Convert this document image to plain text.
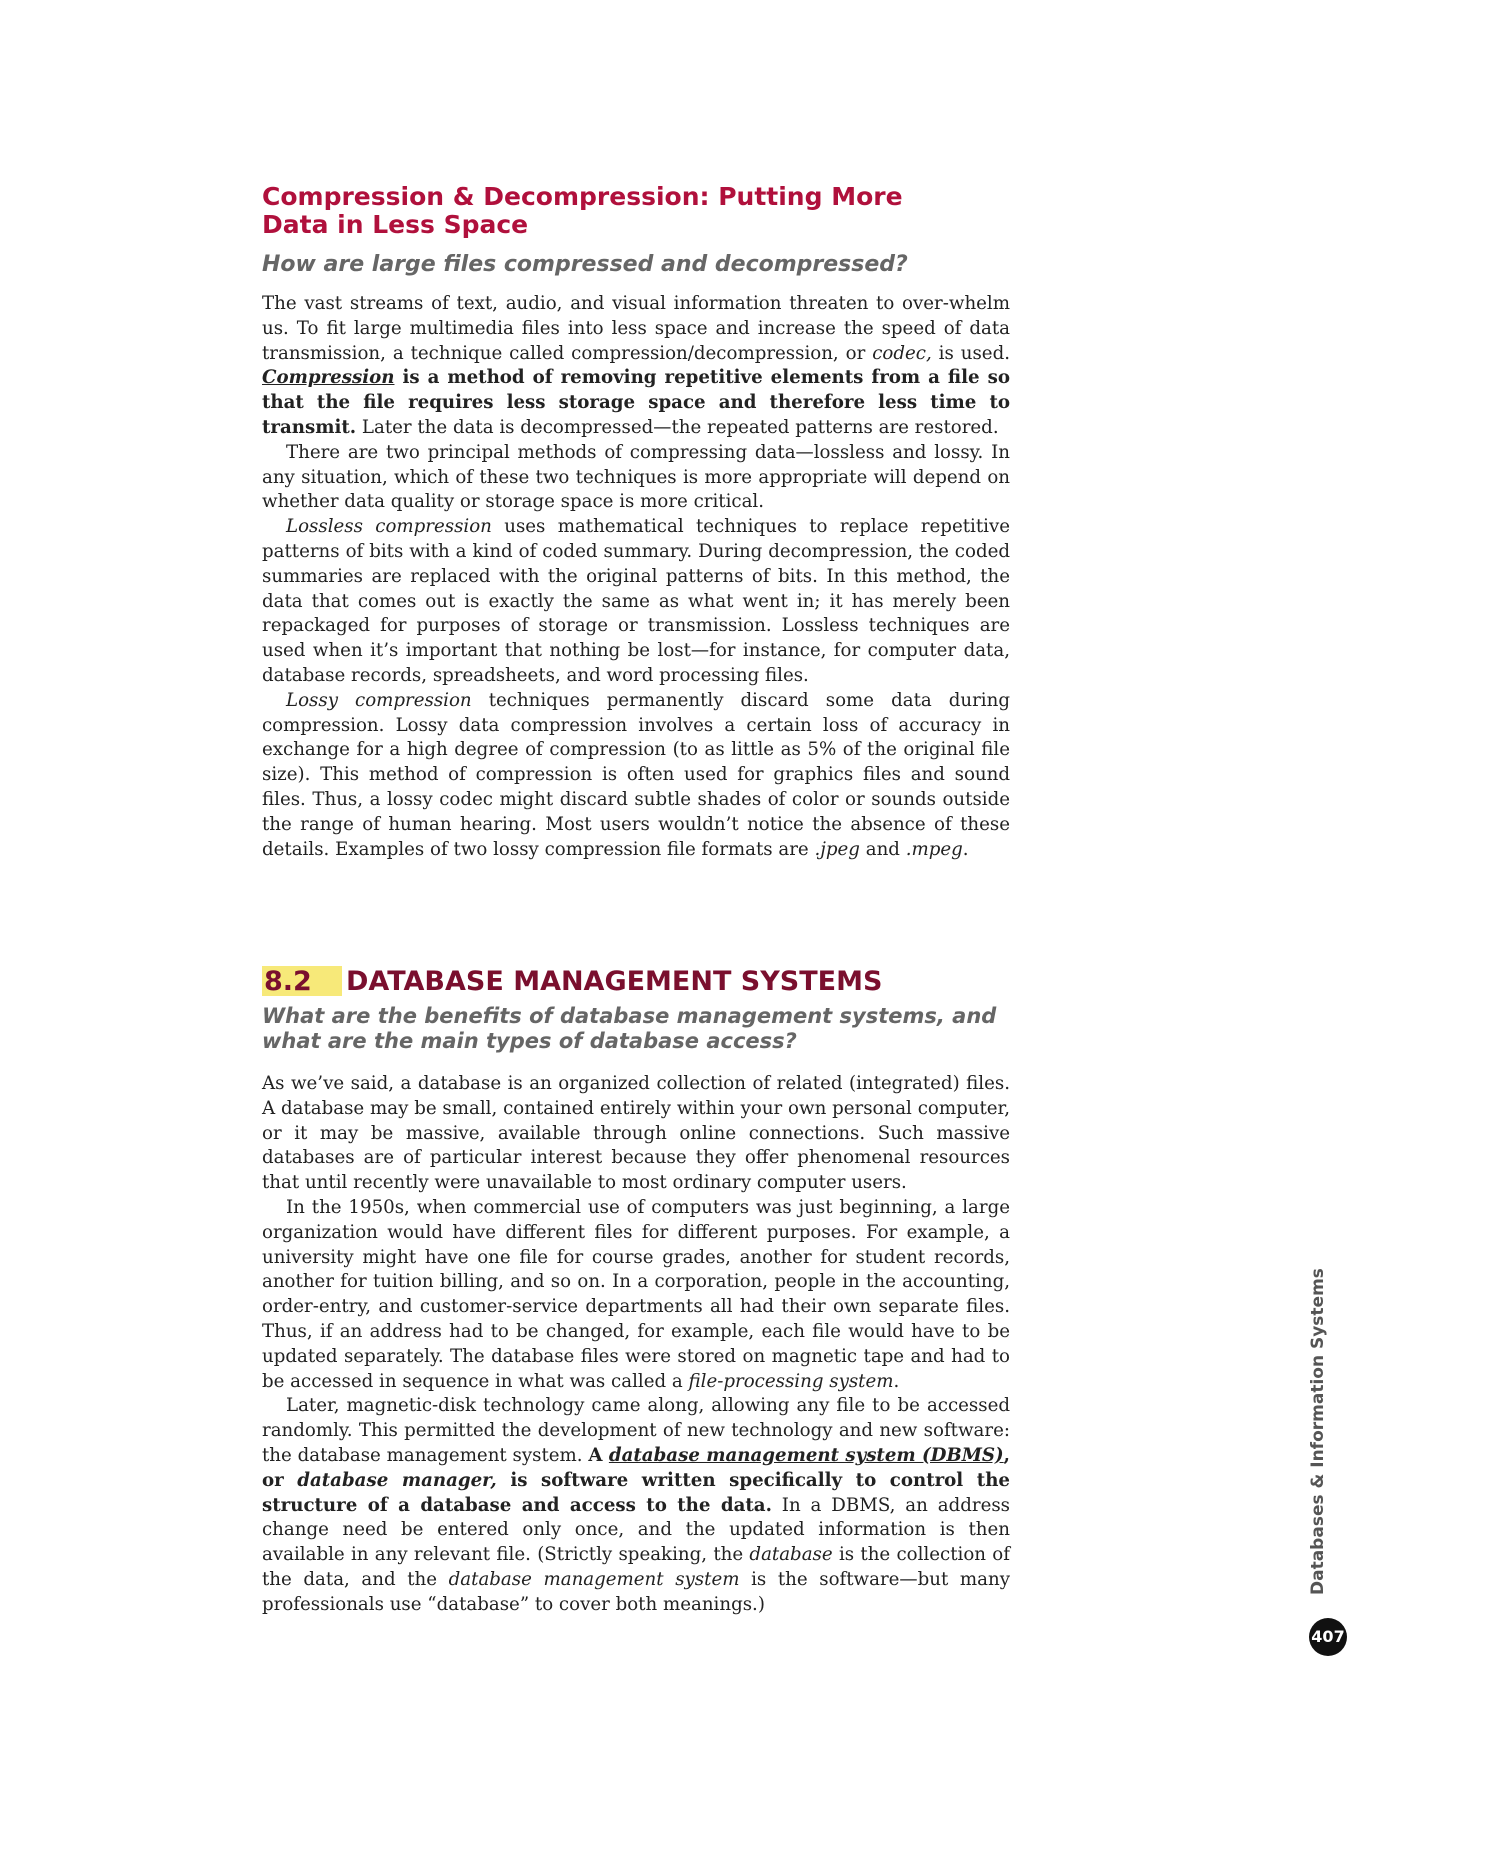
Compression & Decompression: Putting More
Data in Less Space

How are large files compressed and decompressed?

The vast streams of text, audio, and visual information threaten to over-whelm us. To fit large multimedia files into less space and increase the speed of data transmission, a technique called compression/decompression, or codec, is used. Compression is a method of removing repetitive elements from a file so that the file requires less storage space and therefore less time to transmit. Later the data is decompressed—the repeated patterns are restored.

There are two principal methods of compressing data—lossless and lossy. In any situation, which of these two techniques is more appropriate will depend on whether data quality or storage space is more critical.

Lossless compression uses mathematical techniques to replace repetitive patterns of bits with a kind of coded summary. During decompression, the coded summaries are replaced with the original patterns of bits. In this method, the data that comes out is exactly the same as what went in; it has merely been repackaged for purposes of storage or transmission. Lossless techniques are used when it’s important that nothing be lost—for instance, for computer data, database records, spreadsheets, and word processing files.

Lossy compression techniques permanently discard some data during compression. Lossy data compression involves a certain loss of accuracy in exchange for a high degree of compression (to as little as 5% of the original file size). This method of compression is often used for graphics files and sound files. Thus, a lossy codec might discard subtle shades of color or sounds outside the range of human hearing. Most users wouldn’t notice the absence of these details. Examples of two lossy compression file formats are .jpeg and .mpeg.

8.2	DATABASE MANAGEMENT SYSTEMS

What are the benefits of database management systems, and
what are the main types of database access?

As we’ve said, a database is an organized collection of related (integrated) files. A database may be small, contained entirely within your own personal computer, or it may be massive, available through online connections. Such massive databases are of particular interest because they offer phenomenal resources that until recently were unavailable to most ordinary computer users.

In the 1950s, when commercial use of computers was just beginning, a large organization would have different files for different purposes. For example, a university might have one file for course grades, another for student records, another for tuition billing, and so on. In a corporation, people in the accounting, order-entry, and customer-service departments all had their own separate files. Thus, if an address had to be changed, for example, each file would have to be updated separately. The database files were stored on magnetic tape and had to be accessed in sequence in what was called a file-processing system.

Later, magnetic-disk technology came along, allowing any file to be accessed randomly. This permitted the development of new technology and new software: the database management system. A database management system (DBMS), or database manager, is software written specifically to control the structure of a database and access to the data. In a DBMS, an address change need be entered only once, and the updated information is then available in any relevant file. (Strictly speaking, the database is the collection of the data, and the database management system is the software—but many professionals use “database” to cover both meanings.)

Databases & Information Systems
407
